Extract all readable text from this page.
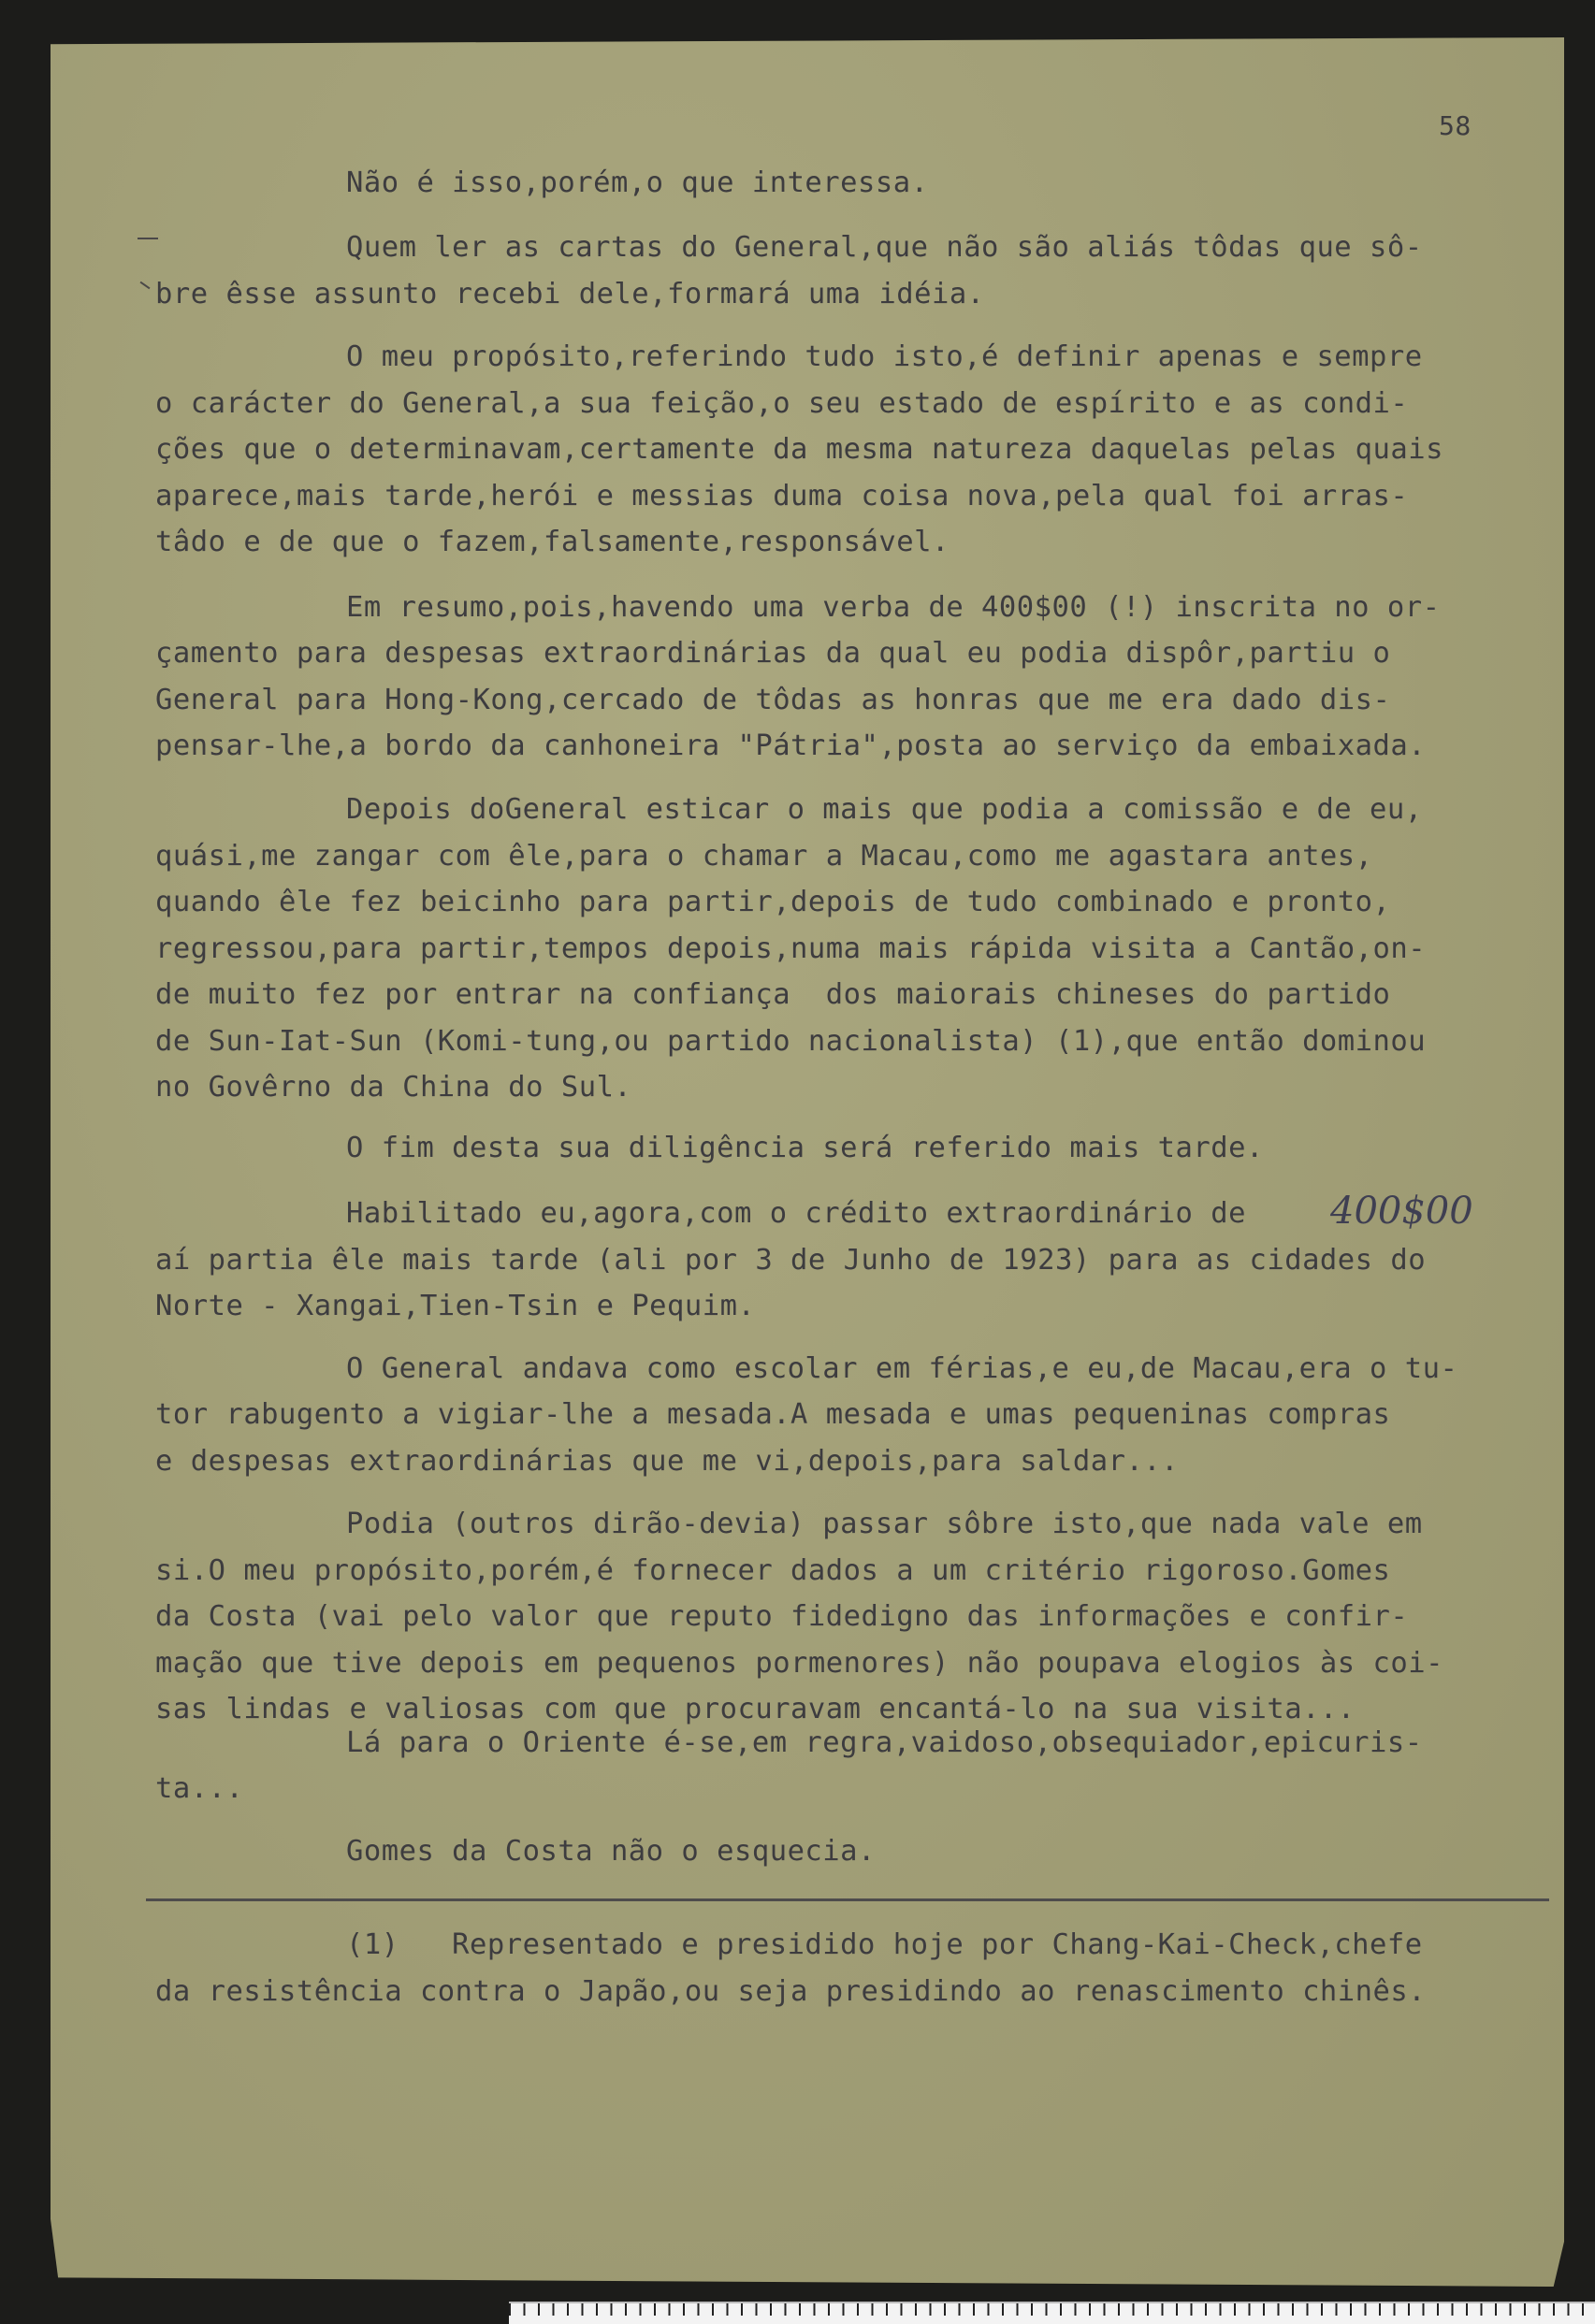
58

Não é isso,porém,o que interessa.

Quem ler as cartas do General,que não são aliás tôdas que sô-

bre êsse assunto recebi dele,formará uma idéia.

O meu propósito,referindo tudo isto,é definir apenas e sempre

o carácter do General,a sua feição,o seu estado de espírito e as condi-

ções que o determinavam,certamente da mesma natureza daquelas pelas quais

aparece,mais tarde,herói e messias duma coisa nova,pela qual foi arras-

tâdo e de que o fazem,falsamente,responsável.

Em resumo,pois,havendo uma verba de 400$00 (!) inscrita no or-

çamento para despesas extraordinárias da qual eu podia dispôr,partiu o

General para Hong-Kong,cercado de tôdas as honras que me era dado dis-

pensar-lhe,a bordo da canhoneira "Pátria",posta ao serviço da embaixada.

Depois doGeneral esticar o mais que podia a comissão e de eu,

quási,me zangar com êle,para o chamar a Macau,como me agastara antes,

quando êle fez beicinho para partir,depois de tudo combinado e pronto,

regressou,para partir,tempos depois,numa mais rápida visita a Cantão,on-

de muito fez por entrar na confiança  dos maiorais chineses do partido

de Sun-Iat-Sun (Komi-tung,ou partido nacionalista) (1),que então dominou

no Govêrno da China do Sul.

O fim desta sua diligência será referido mais tarde.

Habilitado eu,agora,com o crédito extraordinário de

aí partia êle mais tarde (ali por 3 de Junho de 1923) para as cidades do

Norte - Xangai,Tien-Tsin e Pequim.

O General andava como escolar em férias,e eu,de Macau,era o tu-

tor rabugento a vigiar-lhe a mesada.A mesada e umas pequeninas compras

e despesas extraordinárias que me vi,depois,para saldar...

Podia (outros dirão-devia) passar sôbre isto,que nada vale em

si.O meu propósito,porém,é fornecer dados a um critério rigoroso.Gomes

da Costa (vai pelo valor que reputo fidedigno das informações e confir-

mação que tive depois em pequenos pormenores) não poupava elogios às coi-

sas lindas e valiosas com que procuravam encantá-lo na sua visita...

Lá para o Oriente é-se,em regra,vaidoso,obsequiador,epicuris-

ta...

Gomes da Costa não o esquecia.

400$00

(1)   Representado e presidido hoje por Chang-Kai-Check,chefe

da resistência contra o Japão,ou seja presidindo ao renascimento chinês.
